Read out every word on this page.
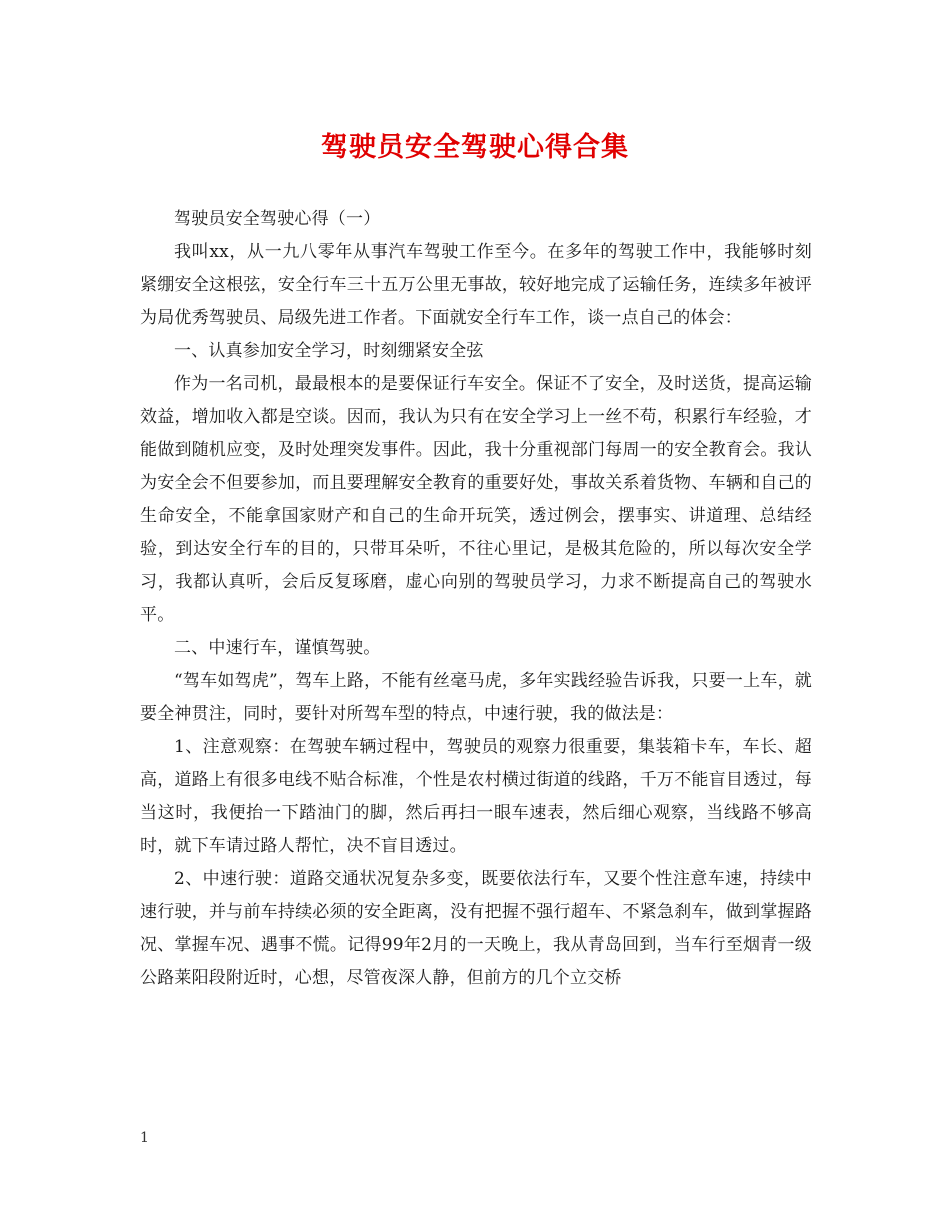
驾驶员安全驾驶心得合集

驾驶员安全驾驶心得（一）

我叫xx，从一九八零年从事汽车驾驶工作至今。在多年的驾驶工作中，我能够时刻紧绷安全这根弦，安全行车三十五万公里无事故，较好地完成了运输任务，连续多年被评为局优秀驾驶员、局级先进工作者。下面就安全行车工作，谈一点自己的体会：

一、认真参加安全学习，时刻绷紧安全弦

作为一名司机，最最根本的是要保证行车安全。保证不了安全，及时送货，提高运输效益，增加收入都是空谈。因而，我认为只有在安全学习上一丝不苟，积累行车经验，才能做到随机应变，及时处理突发事件。因此，我十分重视部门每周一的安全教育会。我认为安全会不但要参加，而且要理解安全教育的重要好处，事故关系着货物、车辆和自己的生命安全，不能拿国家财产和自己的生命开玩笑，透过例会，摆事实、讲道理、总结经验，到达安全行车的目的，只带耳朵听，不往心里记，是极其危险的，所以每次安全学习，我都认真听，会后反复琢磨，虚心向别的驾驶员学习，力求不断提高自己的驾驶水平。

二、中速行车，谨慎驾驶。

“驾车如驾虎”，驾车上路，不能有丝毫马虎，多年实践经验告诉我，只要一上车，就要全神贯注，同时，要针对所驾车型的特点，中速行驶，我的做法是：

1、注意观察：在驾驶车辆过程中，驾驶员的观察力很重要，集装箱卡车，车长、超高，道路上有很多电线不贴合标准，个性是农村横过街道的线路，千万不能盲目透过，每当这时，我便抬一下踏油门的脚，然后再扫一眼车速表，然后细心观察，当线路不够高时，就下车请过路人帮忙，决不盲目透过。

2、中速行驶：道路交通状况复杂多变，既要依法行车，又要个性注意车速，持续中速行驶，并与前车持续必须的安全距离，没有把握不强行超车、不紧急刹车，做到掌握路况、掌握车况、遇事不慌。记得99年2月的一天晚上，我从青岛回到，当车行至烟青一级公路莱阳段附近时，心想，尽管夜深人静，但前方的几个立交桥

1
